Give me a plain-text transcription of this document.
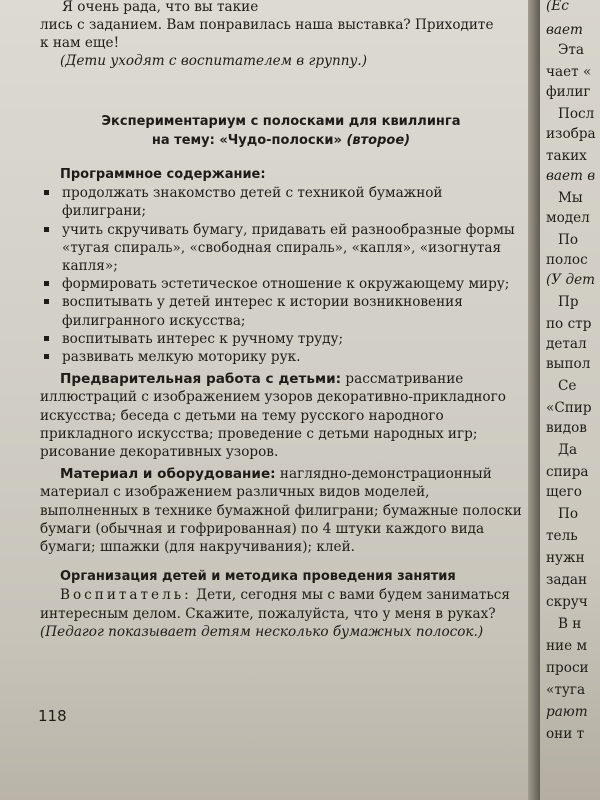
Я очень рада, что вы такие

лись с заданием. Вам понравилась наша выставка? Приходите

к нам еще!

(Дети уходят с воспитателем в группу.)

Экспериментариум с полосками для квиллинга

на тему: «Чудо-полоски» (второе)

Программное содержание:

продолжать знакомство детей с техникой бумажной филиграни;
учить скручивать бумагу, придавать ей разнообразные формы «тугая спираль», «свободная спираль», «капля», «изогнутая капля»;
формировать эстетическое отношение к окружающему миру;
воспитывать у детей интерес к истории возникновения филигранного искусства;
воспитывать интерес к ручному труду;
развивать мелкую моторику рук.

Предварительная работа с детьми: рассматривание иллюстраций с изображением узоров декоративно-прикладного искусства; беседа с детьми на тему русского народного прикладного искусства; проведение с детьми народных игр; рисование декоративных узоров.

Материал и оборудование: наглядно-демонстрационный материал с изображением различных видов моделей, выполненных в технике бумажной филиграни; бумажные полоски бумаги (обычная и гофрированная) по 4 штуки каждого вида бумаги; шпажки (для накручивания); клей.

Организация детей и методика проведения занятия

Воспитатель: Дети, сегодня мы с вами будем заниматься интересным делом. Скажите, пожалуйста, что у меня в руках? (Педагог показывает детям несколько бумажных полосок.)

118
(Ес
вает
Эта
чает «
филиг
Посл
изобра
таких
вает в
Мы
модел
По
полос
(У дет
Пр
по стр
детал
выпол
Се
«Спир
видов
Да
спира
щего
По
тель
нужн
задан
скруч
В н
ние м
проси
«туга
рают
они т
